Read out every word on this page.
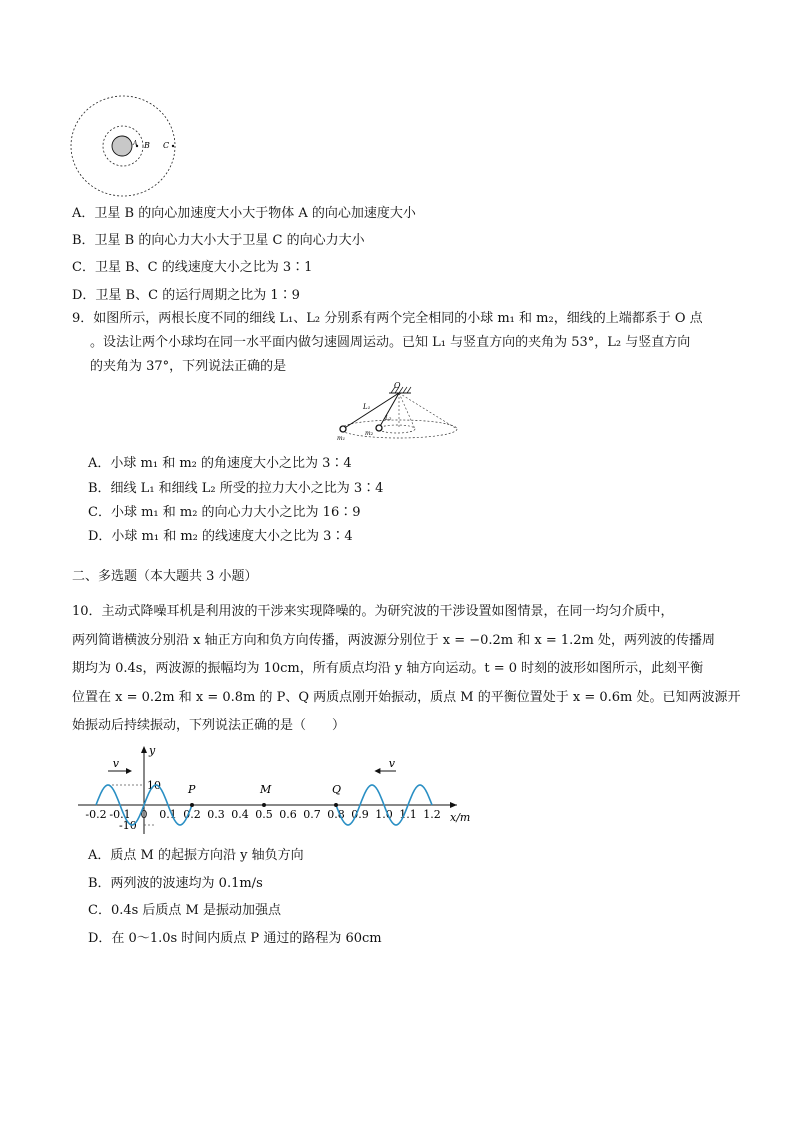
A B C
A．卫星 B 的向心加速度大小大于物体 A 的向心加速度大小
B．卫星 B 的向心力大小大于卫星 C 的向心力大小
C．卫星 B、C 的线速度大小之比为 3∶1
D．卫星 B、C 的运行周期之比为 1∶9
9．如图所示，两根长度不同的细线 L₁、L₂ 分别系有两个完全相同的小球 m₁ 和 m₂，细线的上端都系于 O 点
。设法让两个小球均在同一水平面内做匀速圆周运动。已知 L₁ 与竖直方向的夹角为 53°，L₂ 与竖直方向
的夹角为 37°，下列说法正确的是
O
L₁
L₂
m₁
m₂
A．小球 m₁ 和 m₂ 的角速度大小之比为 3∶4
B．细线 L₁ 和细线 L₂ 所受的拉力大小之比为 3∶4
C．小球 m₁ 和 m₂ 的向心力大小之比为 16∶9
D．小球 m₁ 和 m₂ 的线速度大小之比为 3∶4
二、多选题（本大题共 3 小题）
10．主动式降噪耳机是利用波的干涉来实现降噪的。为研究波的干涉设置如图情景，在同一均匀介质中，
两列简谐横波分别沿 x 轴正方向和负方向传播，两波源分别位于 x = −0.2m 和 x = 1.2m 处，两列波的传播周
期均为 0.4s，两波源的振幅均为 10cm，所有质点均沿 y 轴方向运动。t = 0 时刻的波形如图所示，此刻平衡
位置在 x = 0.2m 和 x = 0.8m 的 P、Q 两质点刚开始振动，质点 M 的平衡位置处于 x = 0.6m 处。已知两波源开
始振动后持续振动，下列说法正确的是（　　）
y
x/m
10
-10
-0.2 -0.1 0 0.1 0.2 0.3 0.4 0.5 0.6 0.7 0.8 0.9 1.0 1.1 1.2
P	M	Q
v	v
A．质点 M 的起振方向沿 y 轴负方向
B．两列波的波速均为 0.1m/s
C．0.4s 后质点 M 是振动加强点
D．在 0～1.0s 时间内质点 P 通过的路程为 60cm
